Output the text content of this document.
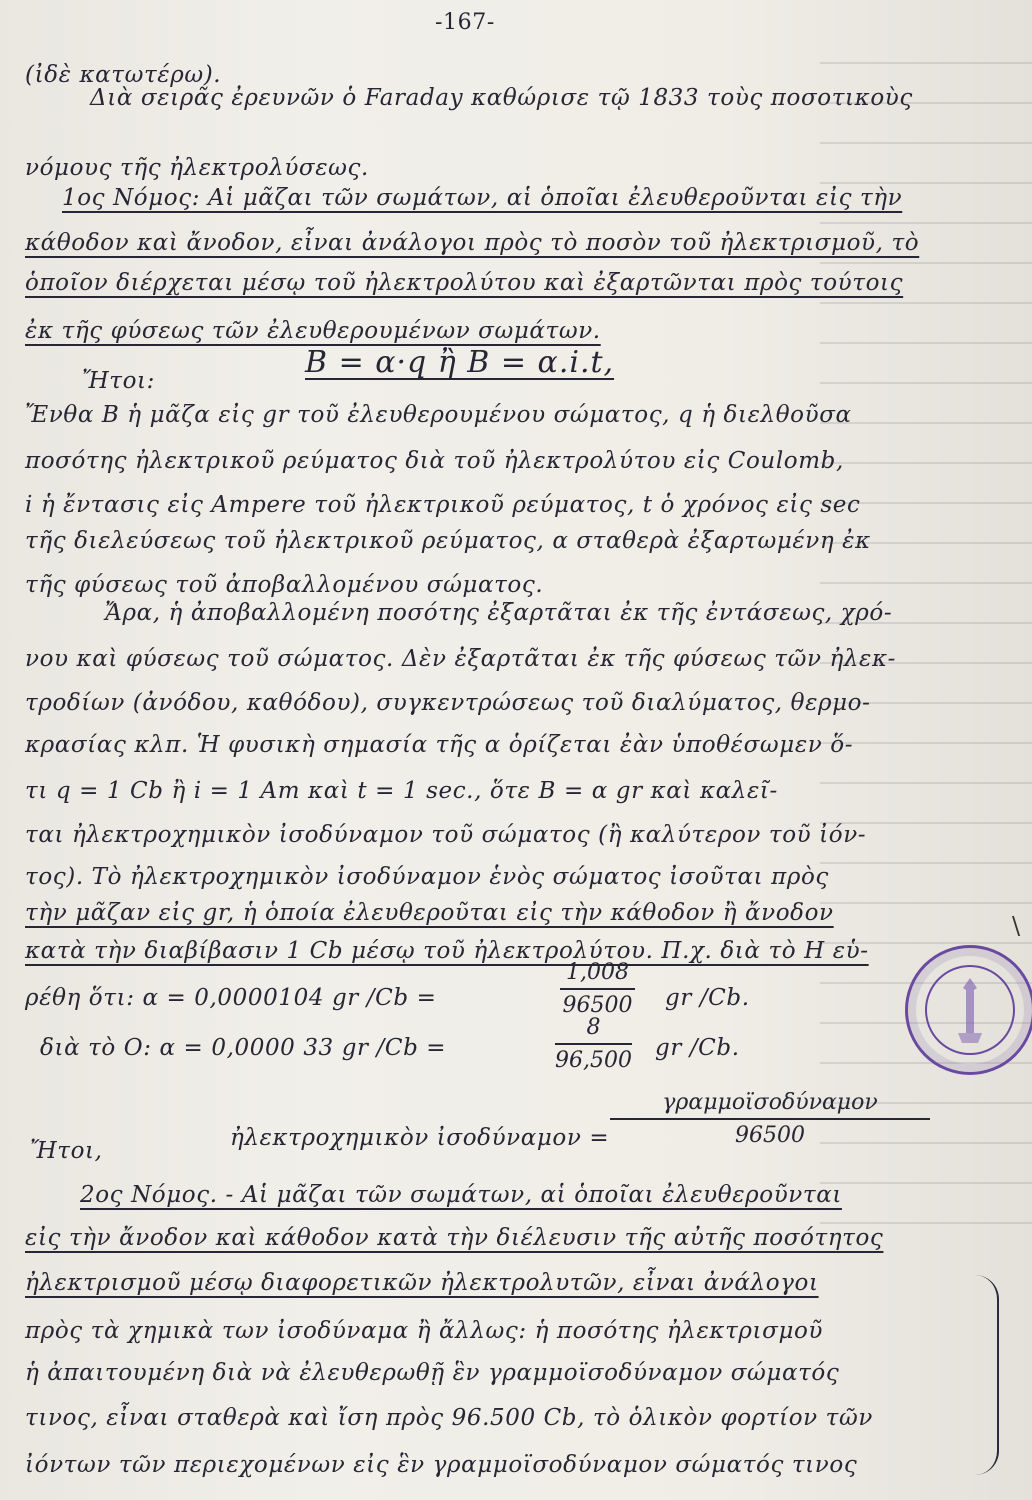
-167-
(ἰδὲ κατωτέρω).
Διὰ σειρᾶς ἐρευνῶν ὁ Faraday καθώρισε τῷ 1833 τοὺς ποσοτικοὺς
νόμους τῆς ἠλεκτρολύσεως.
1ος Νόμος: Αἱ μᾶζαι τῶν σωμάτων, αἱ ὁποῖαι ἐλευθεροῦνται εἰς τὴν
κάθοδον καὶ ἄνοδον, εἶναι ἀνάλογοι πρὸς τὸ ποσὸν τοῦ ἠλεκτρισμοῦ, τὸ
ὁποῖον διέρχεται μέσῳ τοῦ ἠλεκτρολύτου καὶ ἐξαρτῶνται πρὸς τούτοις
ἐκ τῆς φύσεως τῶν ἐλευθερουμένων σωμάτων.
Ἤτοι:
B = α·q ἢ B = α.i.t,
Ἔνθα B ἡ μᾶζα εἰς gr τοῦ ἐλευθερουμένου σώματος, q ἡ διελθοῦσα
ποσότης ἠλεκτρικοῦ ρεύματος διὰ τοῦ ἠλεκτρολύτου εἰς Coulomb,
i ἡ ἔντασις εἰς Ampere τοῦ ἠλεκτρικοῦ ρεύματος, t ὁ χρόνος εἰς sec
τῆς διελεύσεως τοῦ ἠλεκτρικοῦ ρεύματος, α σταθερὰ ἐξαρτωμένη ἐκ
τῆς φύσεως τοῦ ἀποβαλλομένου σώματος.
Ἄρα, ἡ ἀποβαλλομένη ποσότης ἐξαρτᾶται ἐκ τῆς ἐντάσεως, χρό-
νου καὶ φύσεως τοῦ σώματος. Δὲν ἐξαρτᾶται ἐκ τῆς φύσεως τῶν ἠλεκ-
τροδίων (ἀνόδου, καθόδου), συγκεντρώσεως τοῦ διαλύματος, θερμο-
κρασίας κλπ. Ἡ φυσικὴ σημασία τῆς α ὁρίζεται ἐὰν ὑποθέσωμεν ὅ-
τι q = 1 Cb ἢ i = 1 Am καὶ t = 1 sec., ὅτε B = α gr καὶ καλεῖ-
ται ἠλεκτροχημικὸν ἰσοδύναμον τοῦ σώματος (ἢ καλύτερον τοῦ ἰόν-
τος). Τὸ ἠλεκτροχημικὸν ἰσοδύναμον ἑνὸς σώματος ἰσοῦται πρὸς
τὴν μᾶζαν εἰς gr, ἡ ὁποία ἐλευθεροῦται εἰς τὴν κάθοδον ἢ ἄνοδον
κατὰ τὴν διαβίβασιν 1 Cb μέσῳ τοῦ ἠλεκτρολύτου. Π.χ. διὰ τὸ H εὑ-
ρέθη ὅτι: α = 0,0000104 gr /Cb =	$\frac{1,008}{96500}$ gr /Cb.
διὰ τὸ O: α = 0,0000 33 gr /Cb =	$\frac{8}{96,500}$ gr /Cb.
Ἤτοι,	ἠλεκτροχημικὸν ἰσοδύναμον =
γραμμοϊσοδύναμον
96500
2ος Νόμος. - Αἱ μᾶζαι τῶν σωμάτων, αἱ ὁποῖαι ἐλευθεροῦνται
εἰς τὴν ἄνοδον καὶ κάθοδον κατὰ τὴν διέλευσιν τῆς αὐτῆς ποσότητος
ἠλεκτρισμοῦ μέσῳ διαφορετικῶν ἠλεκτρολυτῶν, εἶναι ἀνάλογοι
πρὸς τὰ χημικὰ των ἰσοδύναμα ἢ ἄλλως: ἡ ποσότης ἠλεκτρισμοῦ
ἡ ἀπαιτουμένη διὰ νὰ ἐλευθερωθῇ ἓν γραμμοϊσοδύναμον σώματός
τινος, εἶναι σταθερὰ καὶ ἴση πρὸς 96.500 Cb, τὸ ὁλικὸν φορτίον τῶν
ἰόντων τῶν περιεχομένων εἰς ἓν γραμμοϊσοδύναμον σώματός τινος
\
